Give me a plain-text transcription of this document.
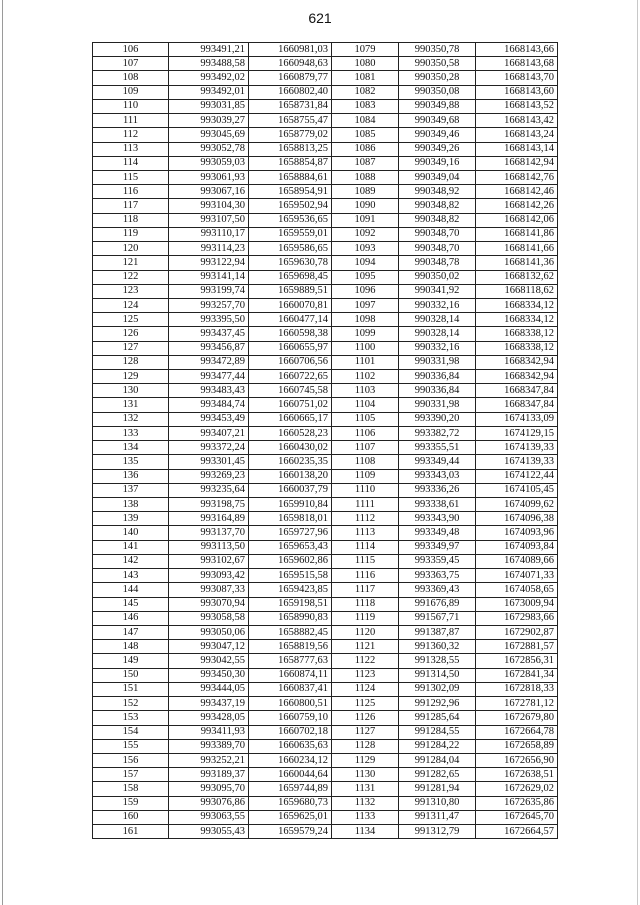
621
106	993491,21	1660981,03	1079	990350,78	1668143,66
107	993488,58	1660948,63	1080	990350,58	1668143,68
108	993492,02	1660879,77	1081	990350,28	1668143,70
109	993492,01	1660802,40	1082	990350,08	1668143,60
110	993031,85	1658731,84	1083	990349,88	1668143,52
111	993039,27	1658755,47	1084	990349,68	1668143,42
112	993045,69	1658779,02	1085	990349,46	1668143,24
113	993052,78	1658813,25	1086	990349,26	1668143,14
114	993059,03	1658854,87	1087	990349,16	1668142,94
115	993061,93	1658884,61	1088	990349,04	1668142,76
116	993067,16	1658954,91	1089	990348,92	1668142,46
117	993104,30	1659502,94	1090	990348,82	1668142,26
118	993107,50	1659536,65	1091	990348,82	1668142,06
119	993110,17	1659559,01	1092	990348,70	1668141,86
120	993114,23	1659586,65	1093	990348,70	1668141,66
121	993122,94	1659630,78	1094	990348,78	1668141,36
122	993141,14	1659698,45	1095	990350,02	1668132,62
123	993199,74	1659889,51	1096	990341,92	1668118,62
124	993257,70	1660070,81	1097	990332,16	1668334,12
125	993395,50	1660477,14	1098	990328,14	1668334,12
126	993437,45	1660598,38	1099	990328,14	1668338,12
127	993456,87	1660655,97	1100	990332,16	1668338,12
128	993472,89	1660706,56	1101	990331,98	1668342,94
129	993477,44	1660722,65	1102	990336,84	1668342,94
130	993483,43	1660745,58	1103	990336,84	1668347,84
131	993484,74	1660751,02	1104	990331,98	1668347,84
132	993453,49	1660665,17	1105	993390,20	1674133,09
133	993407,21	1660528,23	1106	993382,72	1674129,15
134	993372,24	1660430,02	1107	993355,51	1674139,33
135	993301,45	1660235,35	1108	993349,44	1674139,33
136	993269,23	1660138,20	1109	993343,03	1674122,44
137	993235,64	1660037,79	1110	993336,26	1674105,45
138	993198,75	1659910,84	1111	993338,61	1674099,62
139	993164,89	1659818,01	1112	993343,90	1674096,38
140	993137,70	1659727,96	1113	993349,48	1674093,96
141	993113,50	1659653,43	1114	993349,97	1674093,84
142	993102,67	1659602,86	1115	993359,45	1674089,66
143	993093,42	1659515,58	1116	993363,75	1674071,33
144	993087,33	1659423,85	1117	993369,43	1674058,65
145	993070,94	1659198,51	1118	991676,89	1673009,94
146	993058,58	1658990,83	1119	991567,71	1672983,66
147	993050,06	1658882,45	1120	991387,87	1672902,87
148	993047,12	1658819,56	1121	991360,32	1672881,57
149	993042,55	1658777,63	1122	991328,55	1672856,31
150	993450,30	1660874,11	1123	991314,50	1672841,34
151	993444,05	1660837,41	1124	991302,09	1672818,33
152	993437,19	1660800,51	1125	991292,96	1672781,12
153	993428,05	1660759,10	1126	991285,64	1672679,80
154	993411,93	1660702,18	1127	991284,55	1672664,78
155	993389,70	1660635,63	1128	991284,22	1672658,89
156	993252,21	1660234,12	1129	991284,04	1672656,90
157	993189,37	1660044,64	1130	991282,65	1672638,51
158	993095,70	1659744,89	1131	991281,94	1672629,02
159	993076,86	1659680,73	1132	991310,80	1672635,86
160	993063,55	1659625,01	1133	991311,47	1672645,70
161	993055,43	1659579,24	1134	991312,79	1672664,57
